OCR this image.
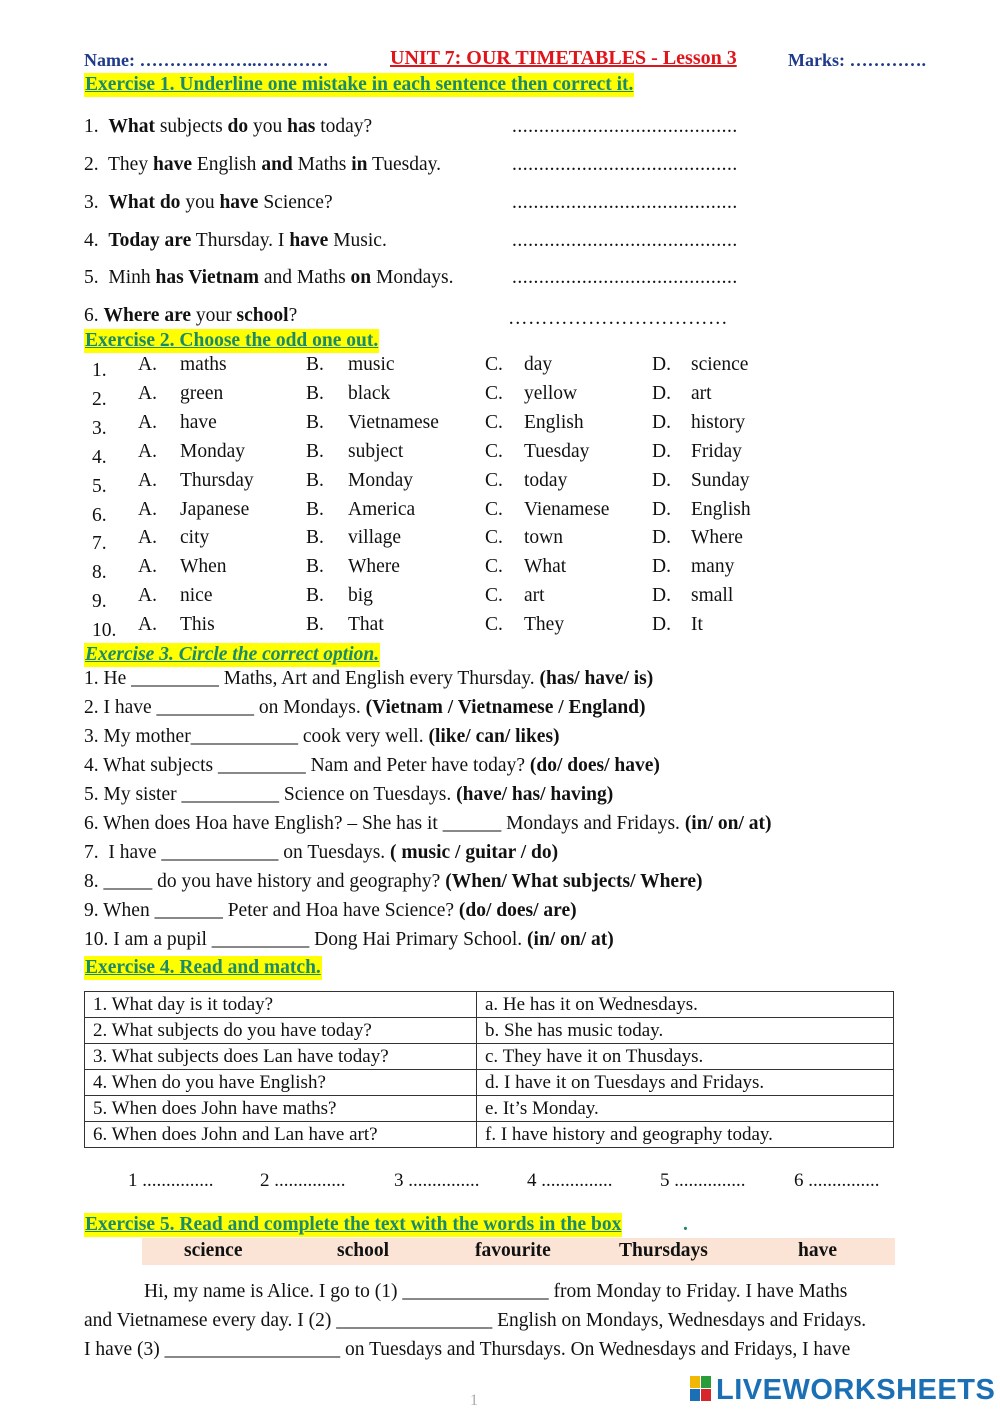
Name: ………………..…………	UNIT 7: OUR TIMETABLES - Lesson 3	Marks: ………….
Exercise 1. Underline one mistake in each sentence then correct it.
1.  What subjects do you has today?	..........................................
2.  They have English and Maths in Tuesday.	..........................................
3.  What do you have Science?	..........................................
4.  Today are Thursday. I have Music.	..........................................
5.  Minh has Vietnam and Maths on Mondays.	..........................................
6. Where are your school?	……………………………
Exercise 2. Choose the odd one out.
1. A. maths	B. music	C. day	D. science
2. A. green	B. black	C. yellow	D. art
3. A. have	B. Vietnamese C. English	D. history
4. A. Monday	B. subject	C. Tuesday	D. Friday
5. A. Thursday	B. Monday	C. today	D. Sunday
6. A. Japanese	B. America	C. Vienamese D. English
7. A. city	B. village	C. town	D. Where
8. A. When	B. Where	C. What	D. many
9. A. nice	B. big	C. art	D. small
10. A. This	B. That	C. They	D. It
Exercise 3. Circle the correct option.
1. He _________ Maths, Art and English every Thursday. (has/ have/ is)
2. I have __________ on Mondays. (Vietnam / Vietnamese / England)
3. My mother___________ cook very well. (like/ can/ likes)
4. What subjects _________ Nam and Peter have today? (do/ does/ have)
5. My sister __________ Science on Tuesdays. (have/ has/ having)
6. When does Hoa have English? – She has it ______ Mondays and Fridays. (in/ on/ at)
7.  I have ____________ on Tuesdays. ( music / guitar / do)
8. _____ do you have history and geography? (When/ What subjects/ Where)
9. When _______ Peter and Hoa have Science? (do/ does/ are)
10. I am a pupil __________ Dong Hai Primary School. (in/ on/ at)
Exercise 4. Read and match.
1. What day is it today?	a. He has it on Wednesdays.
2. What subjects do you have today?	b. She has music today.
3. What subjects does Lan have today?	c. They have it on Thusdays.
4. When do you have English?	d. I have it on Tuesdays and Fridays.
5. When does John have maths?	e. It’s Monday.
6. When does John and Lan have art?	f. I have history and geography today.
1 ............... 2 ...............	3 ...............	4 ...............	5 ...............	6 ...............
Exercise 5. Read and complete the text with the words in the box	.
science	school	favourite	Thursdays	have
Hi, my name is Alice. I go to (1) _______________ from Monday to Friday. I have Maths
and Vietnamese every day. I (2) ________________ English on Mondays, Wednesdays and Fridays.
I have (3) __________________ on Tuesdays and Thursdays. On Wednesdays and Fridays, I have
1	LIVEWORKSHEETS
